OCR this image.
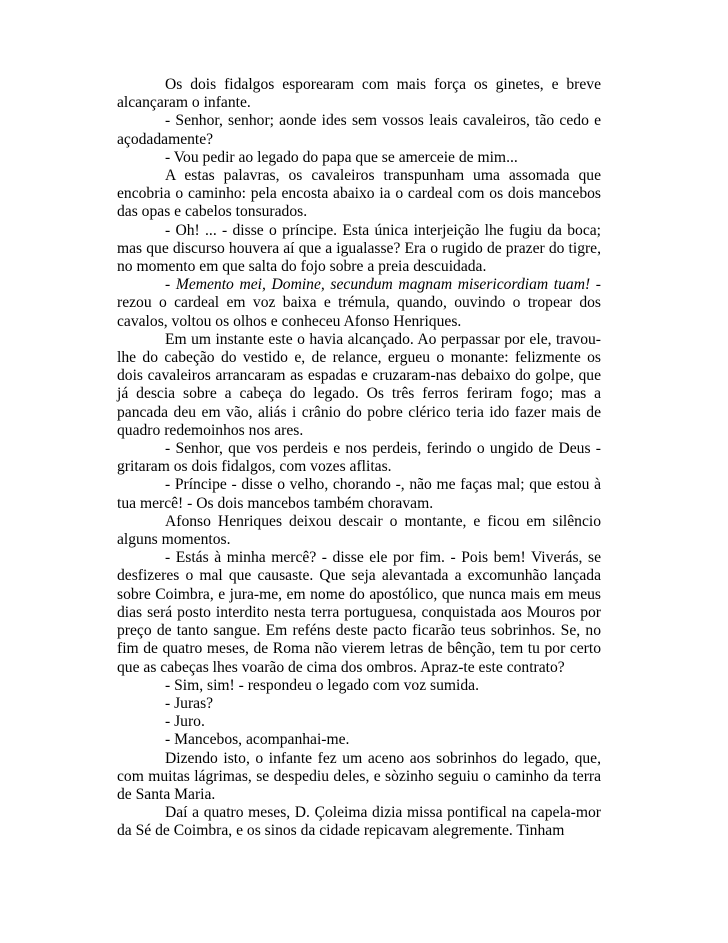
Os dois fidalgos esporearam com mais força os ginetes, e breve alcançaram o infante.

- Senhor, senhor; aonde ides sem vossos leais cavaleiros, tão cedo e açodadamente?

- Vou pedir ao legado do papa que se amerceie de mim...

A estas palavras, os cavaleiros transpunham uma assomada que encobria o caminho: pela encosta abaixo ia o cardeal com os dois mancebos das opas e cabelos tonsurados.

- Oh! ... - disse o príncipe. Esta única interjeição lhe fugiu da boca; mas que discurso houvera aí que a igualasse? Era o rugido de prazer do tigre, no momento em que salta do fojo sobre a preia descuidada.

- Memento mei, Domine, secundum magnam misericordiam tuam! - rezou o cardeal em voz baixa e trémula, quando, ouvindo o tropear dos cavalos, voltou os olhos e conheceu Afonso Henriques.

Em um instante este o havia alcançado. Ao perpassar por ele, travou-lhe do cabeção do vestido e, de relance, ergueu o monante: felizmente os dois cavaleiros arrancaram as espadas e cruzaram-nas debaixo do golpe, que já descia sobre a cabeça do legado. Os três ferros feriram fogo; mas a pancada deu em vão, aliás i crânio do pobre clérico teria ido fazer mais de quadro redemoinhos nos ares.

- Senhor, que vos perdeis e nos perdeis, ferindo o ungido de Deus - gritaram os dois fidalgos, com vozes aflitas.

- Príncipe - disse o velho, chorando -, não me faças mal; que estou à tua mercê! - Os dois mancebos também choravam.

Afonso Henriques deixou descair o montante, e ficou em silêncio alguns momentos.

- Estás à minha mercê? - disse ele por fim. - Pois bem! Viverás, se desfizeres o mal que causaste. Que seja alevantada a excomunhão lançada sobre Coimbra, e jura-me, em nome do apostólico, que nunca mais em meus dias será posto interdito nesta terra portuguesa, conquistada aos Mouros por preço de tanto sangue. Em reféns deste pacto ficarão teus sobrinhos. Se, no fim de quatro meses, de Roma não vierem letras de bênção, tem tu por certo que as cabeças lhes voarão de cima dos ombros. Apraz-te este contrato?

- Sim, sim! - respondeu o legado com voz sumida.

- Juras?

- Juro.

- Mancebos, acompanhai-me.

Dizendo isto, o infante fez um aceno aos sobrinhos do legado, que, com muitas lágrimas, se despediu deles, e sòzinho seguiu o caminho da terra de Santa Maria.

Daí a quatro meses, D. Çoleima dizia missa pontifical na capela-mor da Sé de Coimbra, e os sinos da cidade repicavam alegremente. Tinham
